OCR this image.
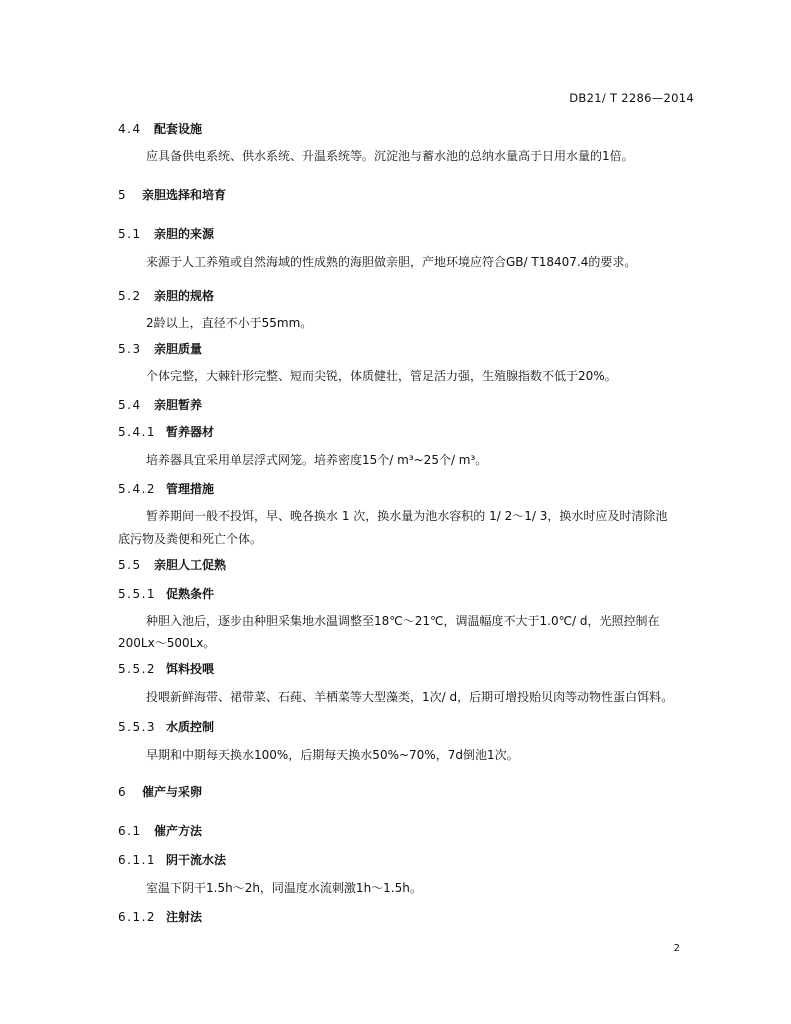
DB21/ T 2286—2014
4.4 配套设施
应具备供电系统、供水系统、升温系统等。沉淀池与蓄水池的总纳水量高于日用水量的1倍。
5 亲胆选择和培育
5.1 亲胆的来源
来源于人工养殖或自然海域的性成熟的海胆做亲胆，产地环境应符合GB/ T18407.4的要求。
5.2 亲胆的规格
2龄以上，直径不小于55mm。
5.3 亲胆质量
个体完整，大棘针形完整、短而尖锐，体质健壮，管足活力强，生殖腺指数不低于20%。
5.4 亲胆暂养
5.4.1 暂养器材
培养器具宜采用单层浮式网笼。培养密度15个/ m³~25个/ m³。
5.4.2 管理措施
暂养期间一般不投饵，早、晚各换水 1 次，换水量为池水容积的 1/ 2～1/ 3，换水时应及时清除池
底污物及粪便和死亡个体。
5.5 亲胆人工促熟
5.5.1 促熟条件
种胆入池后，逐步由种胆采集地水温调整至18℃～21℃，调温幅度不大于1.0℃/ d，光照控制在
200Lx～500Lx。
5.5.2 饵料投喂
投喂新鲜海带、裙带菜、石莼、羊栖菜等大型藻类，1次/ d，后期可增投贻贝肉等动物性蛋白饵料。
5.5.3 水质控制
早期和中期每天换水100%，后期每天换水50%~70%，7d倒池1次。
6 催产与采卵
6.1 催产方法
6.1.1 阴干流水法
室温下阴干1.5h～2h，同温度水流刺激1h～1.5h。
6.1.2 注射法
2
